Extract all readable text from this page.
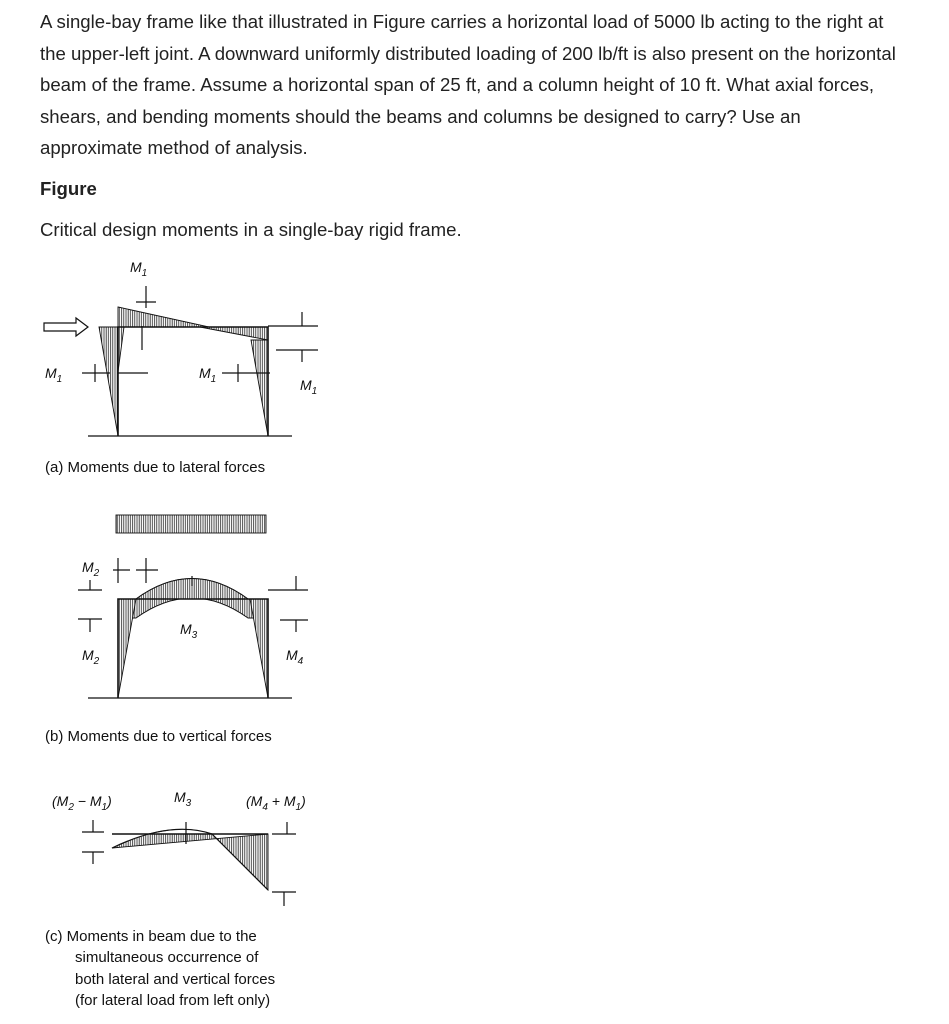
A single-bay frame like that illustrated in Figure carries a horizontal load of 5000 lb acting to the right at the upper-left joint. A downward uniformly distributed loading of 200 lb/ft is also present on the horizontal beam of the frame. Assume a horizontal span of 25 ft, and a column height of 10 ft. What axial forces, shears, and bending moments should the beams and columns be designed to carry? Use an approximate method of analysis.

Figure

Critical design moments in a single-bay rigid frame.

$M_1$
$M_1$	$M_1$	$M_1$
(a) Moments due to lateral forces
$M_2$
$M_2$
$M_3$
$M_4$
(b) Moments due to vertical forces
$(M_2 - M_1)$	$M_3$	$(M_4 + M_1)$
(c) Moments in beam due to the
simultaneous occurrence of
both lateral and vertical forces
(for lateral load from left only)
